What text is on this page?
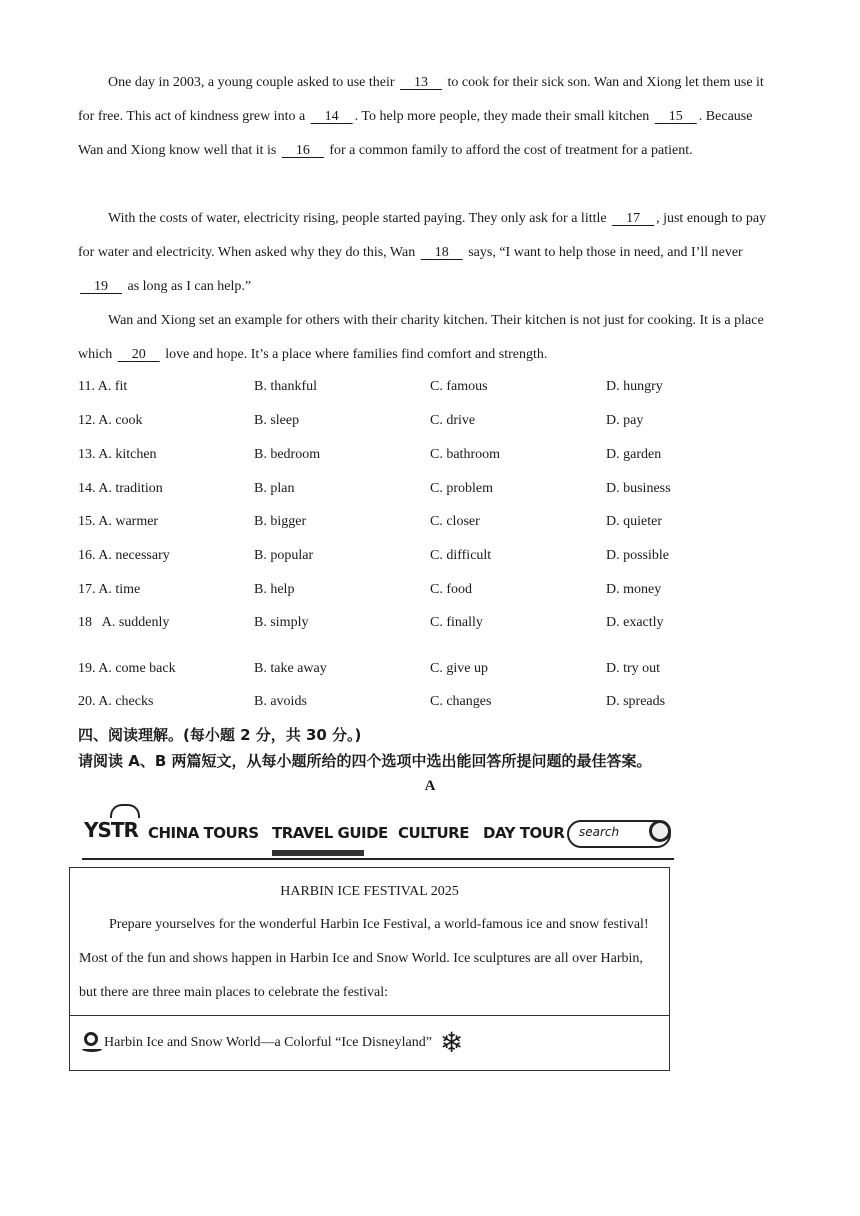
One day in 2003, a young couple asked to use their     13     to cook for their sick son. Wan and Xiong let them use it for free. This act of kindness grew into a     14 . To help more people, they made their small kitchen     15 . Because Wan and Xiong know well that it is     16     for a common family to afford the cost of treatment for a patient.

With the costs of water, electricity rising, people started paying. They only ask for a little     17 , just enough to pay for water and electricity. When asked why they do this, Wan     18     says, “I want to help those in need, and I’ll never     19     as long as I can help.”

Wan and Xiong set an example for others with their charity kitchen. Their kitchen is not just for cooking. It is a place which     20     love and hope. It’s a place where families find comfort and strength.

11. A. fit	B. thankful	C. famous	D. hungry
12. A. cook	B. sleep	C. drive	D. pay
13. A. kitchen	B. bedroom	C. bathroom	D. garden
14. A. tradition	B. plan	C. problem	D. business
15. A. warmer	B. bigger	C. closer	D. quieter
16. A. necessary	B. popular	C. difficult	D. possible
17. A. time	B. help	C. food	D. money
18   A. suddenly	B. simply	C. finally	D. exactly
19. A. come back	B. take away	C. give up	D. try out
20. A. checks	B. avoids	C. changes	D. spreads
四、阅读理解。(每小题 2 分，共 30 分。)
请阅读 A、B 两篇短文，从每小题所给的四个选项中选出能回答所提问题的最佳答案。
A
YSTR CHINA TOURS TRAVEL GUIDE CULTURE DAY TOUR search
HARBIN ICE FESTIVAL 2025

Prepare yourselves for the wonderful Harbin Ice Festival, a world-famous ice and snow festival! Most of the fun and shows happen in Harbin Ice and Snow World. Ice sculptures are all over Harbin, but there are three main places to celebrate the festival:

Harbin Ice and Snow World—a Colorful “Ice Disneyland” ❄
